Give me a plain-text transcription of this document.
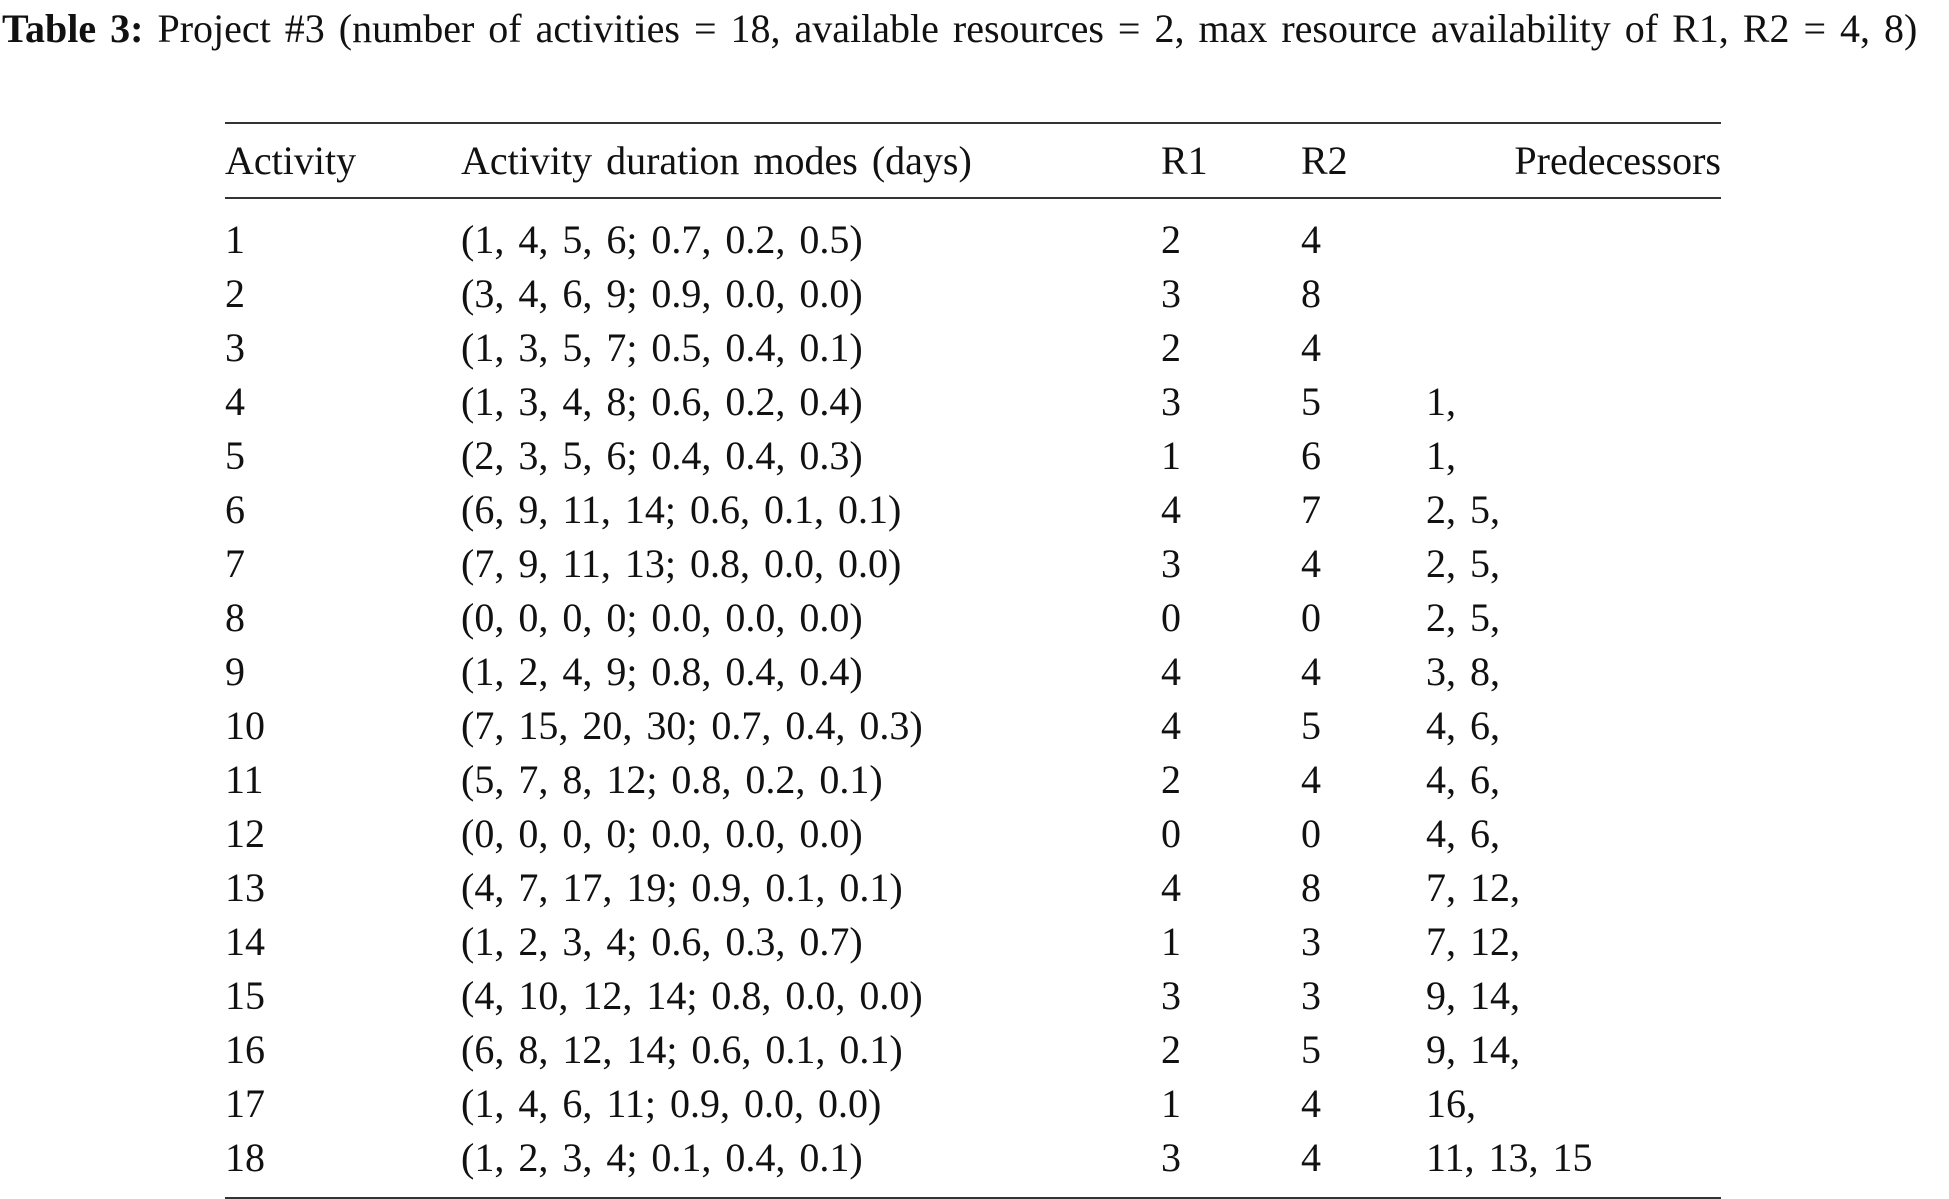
Table 3: Project #3 (number of activities = 18, available resources = 2, max resource availability of R1, R2 = 4, 8)
Activity	Activity duration modes (days)	R1	R2	Predecessors
1	(1, 4, 5, 6; 0.7, 0.2, 0.5)	2	4	
2	(3, 4, 6, 9; 0.9, 0.0, 0.0)	3	8	
3	(1, 3, 5, 7; 0.5, 0.4, 0.1)	2	4	
4	(1, 3, 4, 8; 0.6, 0.2, 0.4)	3	5	1,
5	(2, 3, 5, 6; 0.4, 0.4, 0.3)	1	6	1,
6	(6, 9, 11, 14; 0.6, 0.1, 0.1)	4	7	2, 5,
7	(7, 9, 11, 13; 0.8, 0.0, 0.0)	3	4	2, 5,
8	(0, 0, 0, 0; 0.0, 0.0, 0.0)	0	0	2, 5,
9	(1, 2, 4, 9; 0.8, 0.4, 0.4)	4	4	3, 8,
10	(7, 15, 20, 30; 0.7, 0.4, 0.3)	4	5	4, 6,
11	(5, 7, 8, 12; 0.8, 0.2, 0.1)	2	4	4, 6,
12	(0, 0, 0, 0; 0.0, 0.0, 0.0)	0	0	4, 6,
13	(4, 7, 17, 19; 0.9, 0.1, 0.1)	4	8	7, 12,
14	(1, 2, 3, 4; 0.6, 0.3, 0.7)	1	3	7, 12,
15	(4, 10, 12, 14; 0.8, 0.0, 0.0)	3	3	9, 14,
16	(6, 8, 12, 14; 0.6, 0.1, 0.1)	2	5	9, 14,
17	(1, 4, 6, 11; 0.9, 0.0, 0.0)	1	4	16,
18	(1, 2, 3, 4; 0.1, 0.4, 0.1)	3	4	11, 13, 15
